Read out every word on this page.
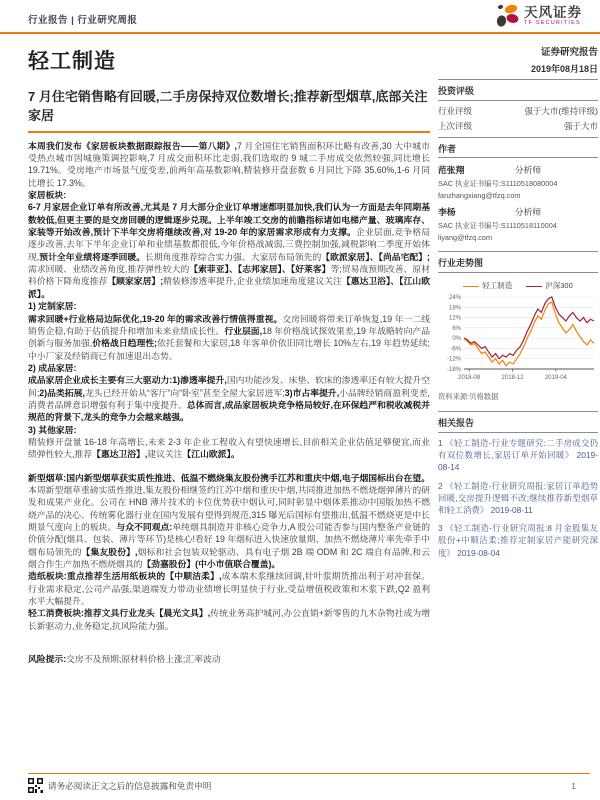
行业报告 | 行业研究周报
天风证券
TF SECURITIES
轻工制造
7 月住宅销售略有回暖,二手房保持双位数增长;推荐新型烟草,底部关注家居

本周我们发布《家居板块数据跟踪报告——第八期》,7 月全国住宅销售面积环比略有改善,30 大中城市受热点城市因城施策调控影响,7 月成交面积环比走弱,我们选取的 9 城二手房成交依然较强,同比增长 19.71%。受房地产市场景气度变差,前两年高基数影响,精装修开盘套数 6 月同比下降 35.60%,1-6 月同比增长 17.3%。

家居板块:

6-7 月家居企业订单有所改善,尤其是 7 月大部分企业订单增速都明显加快,我们认为一方面是去年同期基数较低,但更主要的是交房回暖的逻辑逐步兑现。上半年竣工交房的前瞻指标诸如电梯产量、玻璃库存、家装等开始改善,预计下半年交房将继续改善,对 19-20 年的家居需求形成有力支撑。企业层面,竞争格局逐步改善,去年下半年企业订单和业绩基数都很低,今年价格战减弱,三费控制加强,减税影响二季度开始体现,预计全年业绩将逐季回暖。长期角度推荐综合实力强、大家居布局领先的【欧派家居】、【尚品宅配】;需求回暖、业绩改善角度,推荐弹性较大的【索菲亚】、【志邦家居】、【好莱客】等;贸易战预期改善、原材料价格下降角度推荐【顾家家居】;精装修渗透率提升,企业业绩加速角度建议关注【惠达卫浴】、【江山欧派】。

1) 定制家居:

需求回暖+行业格局边际优化,19-20 年的需求改善行情值得重视。交房回暖将带来订单恢复,19 年一二线销售企稳,有助于估值提升和增加未来业绩成长性。行业层面,18 年价格战试探效果差,19 年战略转向产品创新与服务加强,价格战日趋理性;依托套餐和大家居,18 年客单价依旧同比增长 10%左右,19 年趋势延续;中小厂家及经销商已有加速退出态势。

2) 成品家居:

成品家居企业成长主要有三大驱动力:1)渗透率提升,国内功能沙发、床垫、软床的渗透率还有较大提升空间;2)品类拓展,龙头已经开始从“客厅”向“卧室”甚至全屋大家居进军;3)市占率提升,小品牌经销商盈利变差,消费者品牌意识增强有利于集中度提升。总体而言,成品家居板块竞争格局较好,在环保趋严和税收减税并规范的背景下,龙头的竞争力会越来越强。

3) 其他家居:

精装修开盘量 16-18 年高增长,未来 2-3 年企业工程收入有望快速增长,目前相关企业估值足够便宜,而业绩弹性较大,推荐【惠达卫浴】,建议关注【江山欧派】。

新型烟草:国内新型烟草获实质性推进、低温不燃烧集友股份携手江苏和重庆中烟,电子烟国标出台在望。本周新型烟草重磅实质性推进,集友股份相继签约江苏中烟和重庆中烟,共同推进加热不燃烧烟弹薄片的研发和成果产业化。公司在 HNB 薄片技术的卡位优势获中烟认可,同时彰显中烟体系推动中国版加热不燃烧产品的决心。传统雾化器行业在国内发展有望得到规范,315 曝光后国标有望推出,低温不燃烧更是中长期景气度向上的板块。与众不同观点:单纯烟具制造并非核心竞争力,A 股公司能否参与国内整条产业链的价值分配(烟具、包装、薄片等环节)是核心!看好 19 年烟标进入快速放量期、加热不燃烧薄片率先牵手中烟布局领先的【集友股份】,烟标和社会包装双轮驱动、具有电子烟 2B 端 ODM 和 2C 端自有品牌,和云烟合作生产加热不燃烧烟具的【劲嘉股份】(中小市值联合覆盖)。

造纸板块:重点推荐生活用纸板块的【中顺洁柔】,成本端木浆继续回调,针叶浆期货推出利于对冲套保。行业需求稳定,公司产品强,渠道端发力带动业绩增长明显快于行业,受益增值税政策和木浆下跌,Q2 盈利水平大幅提升。

轻工消费板块:推荐文具行业龙头【晨光文具】,传统业务高护城河,办公直销+新零售的九木杂物社成为增长新驱动力,业务稳定,抗风险能力强。

风险提示:交房不及预期;原材料价格上涨;汇率波动

证券研究报告
2019年08月18日
投资评级
行业评级	强于大市(维持评级)
上次评级	强于大市
作者
范张翔	分析师
SAC 执业证书编号:S1110518080004
fanzhangxiang@tfzq.com
李杨	分析师
SAC 执业证书编号:S1110518110004
liyang@tfzq.com
行业走势图
轻工制造	沪深300
24%
18%
12%
6%
0%
-6%
-12%
-18%
2018-08	2018-12	2019-04
资料来源:贝格数据
相关报告
1 《轻工制造-行业专题研究:二手房成交仍有双位数增长,家居订单开始回暖》 2019-08-14
2 《轻工制造-行业研究周报:家居订单趋势回暖,交房提升逻辑不改;继续推荐新型烟草和轻工消费》 2019-08-11
3 《轻工制造-行业研究周报:8 月金股集友股份+中顺洁柔;推荐定制家居产能研究深度》 2019-08-04
请务必阅读正文之后的信息披露和免责申明	1
